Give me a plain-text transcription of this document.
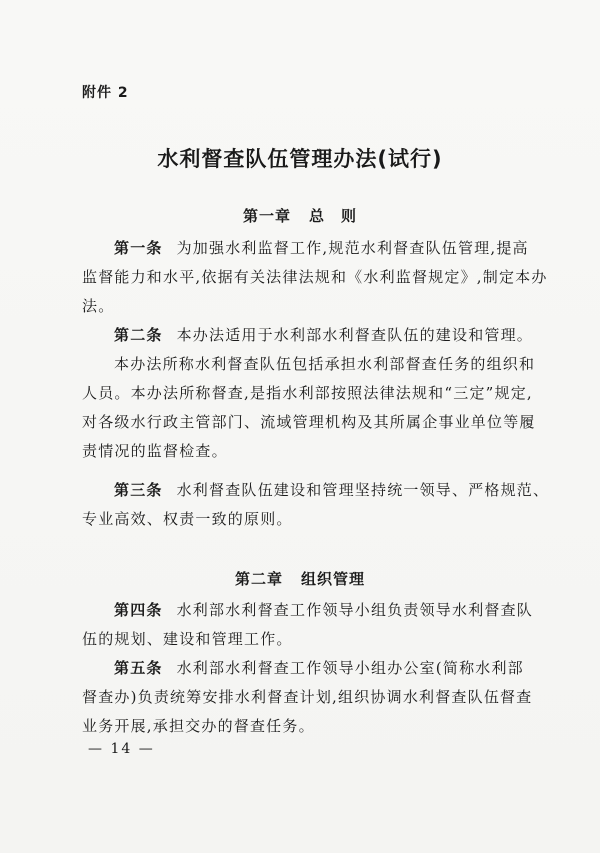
附件 2
水利督查队伍管理办法(试行)
第一章 总　则
第一条 为加强水利监督工作,规范水利督查队伍管理,提高
监督能力和水平,依据有关法律法规和《水利监督规定》,制定本办
法。
第二条 本办法适用于水利部水利督查队伍的建设和管理。
本办法所称水利督查队伍包括承担水利部督查任务的组织和
人员。本办法所称督查,是指水利部按照法律法规和“三定”规定,
对各级水行政主管部门、流域管理机构及其所属企事业单位等履
责情况的监督检查。
第三条 水利督查队伍建设和管理坚持统一领导、严格规范、
专业高效、权责一致的原则。
第二章 组织管理
第四条 水利部水利督查工作领导小组负责领导水利督查队
伍的规划、建设和管理工作。
第五条 水利部水利督查工作领导小组办公室(简称水利部
督查办)负责统筹安排水利督查计划,组织协调水利督查队伍督查
业务开展,承担交办的督查任务。
— 14 —
